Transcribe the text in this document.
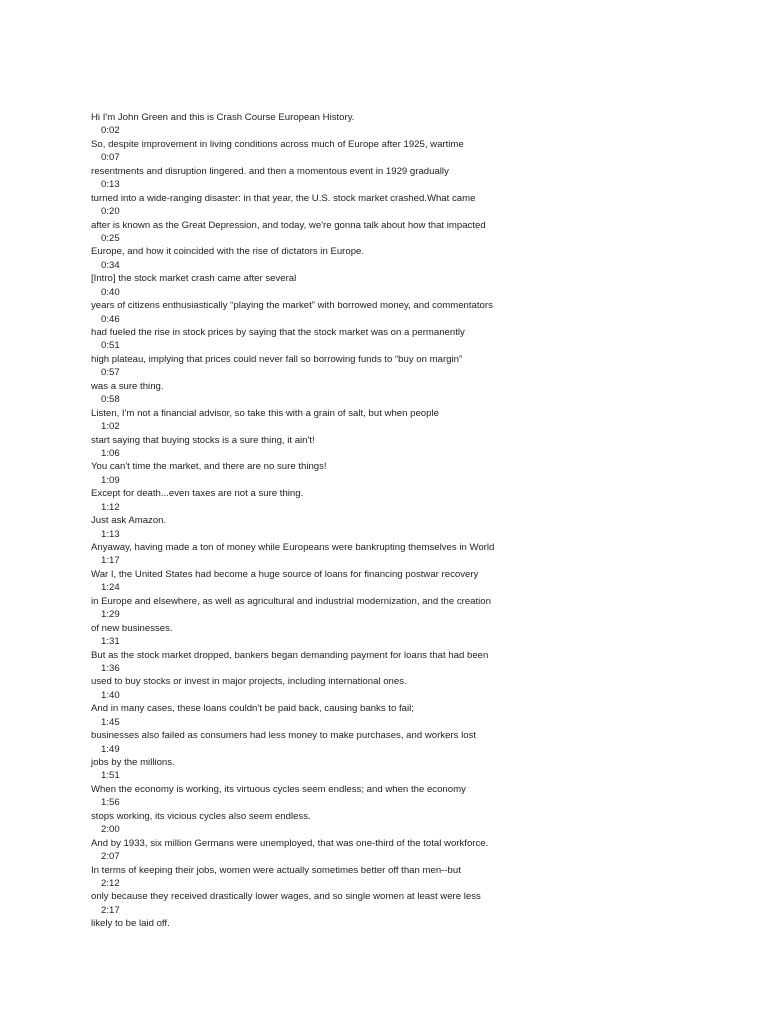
Hi I'm John Green and this is Crash Course European History.
0:02
So, despite improvement in living conditions across much of Europe after 1925, wartime
0:07
resentments and disruption lingered. and then a momentous event in 1929 gradually
0:13
turned into a wide-ranging disaster: in that year, the U.S. stock market crashed.What came
0:20
after is known as the Great Depression, and today, we're gonna talk about how that impacted
0:25
Europe, and how it coincided with the rise of dictators in Europe.
0:34
[Intro] the stock market crash came after several
0:40
years of citizens enthusiastically “playing the market” with borrowed money, and commentators
0:46
had fueled the rise in stock prices by saying that the stock market was on a permanently
0:51
high plateau, implying that prices could never fall so borrowing funds to “buy on margin”
0:57
was a sure thing.
0:58
Listen, I'm not a financial advisor, so take this with a grain of salt, but when people
1:02
start saying that buying stocks is a sure thing, it ain't!
1:06
You can't time the market, and there are no sure things!
1:09
Except for death...even taxes are not a sure thing.
1:12
Just ask Amazon.
1:13
Anyaway, having made a ton of money while Europeans were bankrupting themselves in World
1:17
War I, the United States had become a huge source of loans for financing postwar recovery
1:24
in Europe and elsewhere, as well as agricultural and industrial modernization, and the creation
1:29
of new businesses.
1:31
But as the stock market dropped, bankers began demanding payment for loans that had been
1:36
used to buy stocks or invest in major projects, including international ones.
1:40
And in many cases, these loans couldn't be paid back, causing banks to fail;
1:45
businesses also failed as consumers had less money to make purchases, and workers lost
1:49
jobs by the millions.
1:51
When the economy is working, its virtuous cycles seem endless; and when the economy
1:56
stops working, its vicious cycles also seem endless.
2:00
And by 1933, six million Germans were unemployed, that was one-third of the total workforce.
2:07
In terms of keeping their jobs, women were actually sometimes better off than men--but
2:12
only because they received drastically lower wages, and so single women at least were less
2:17
likely to be laid off.
